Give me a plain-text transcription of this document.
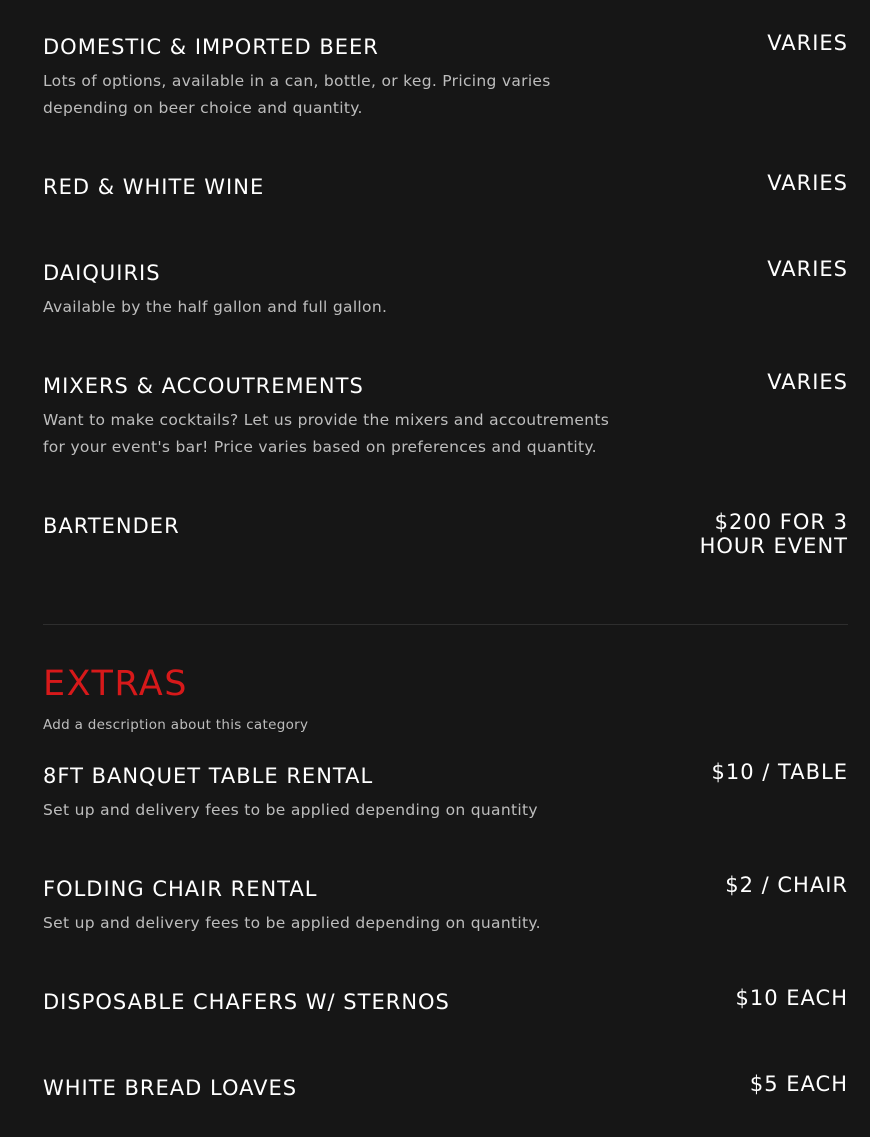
DOMESTIC & IMPORTED BEER	VARIES
Lots of options, available in a can, bottle, or keg. Pricing varies depending on beer choice and quantity.
RED & WHITE WINE	VARIES
DAIQUIRIS	VARIES
Available by the half gallon and full gallon.
MIXERS & ACCOUTREMENTS	VARIES
Want to make cocktails? Let us provide the mixers and accoutrements for your event's bar! Price varies based on preferences and quantity.
BARTENDER	$200 FOR 3 HOUR EVENT
EXTRAS
Add a description about this category
8FT BANQUET TABLE RENTAL	$10 / TABLE
Set up and delivery fees to be applied depending on quantity
FOLDING CHAIR RENTAL	$2 / CHAIR
Set up and delivery fees to be applied depending on quantity.
DISPOSABLE CHAFERS W/ STERNOS	$10 EACH
WHITE BREAD LOAVES	$5 EACH
